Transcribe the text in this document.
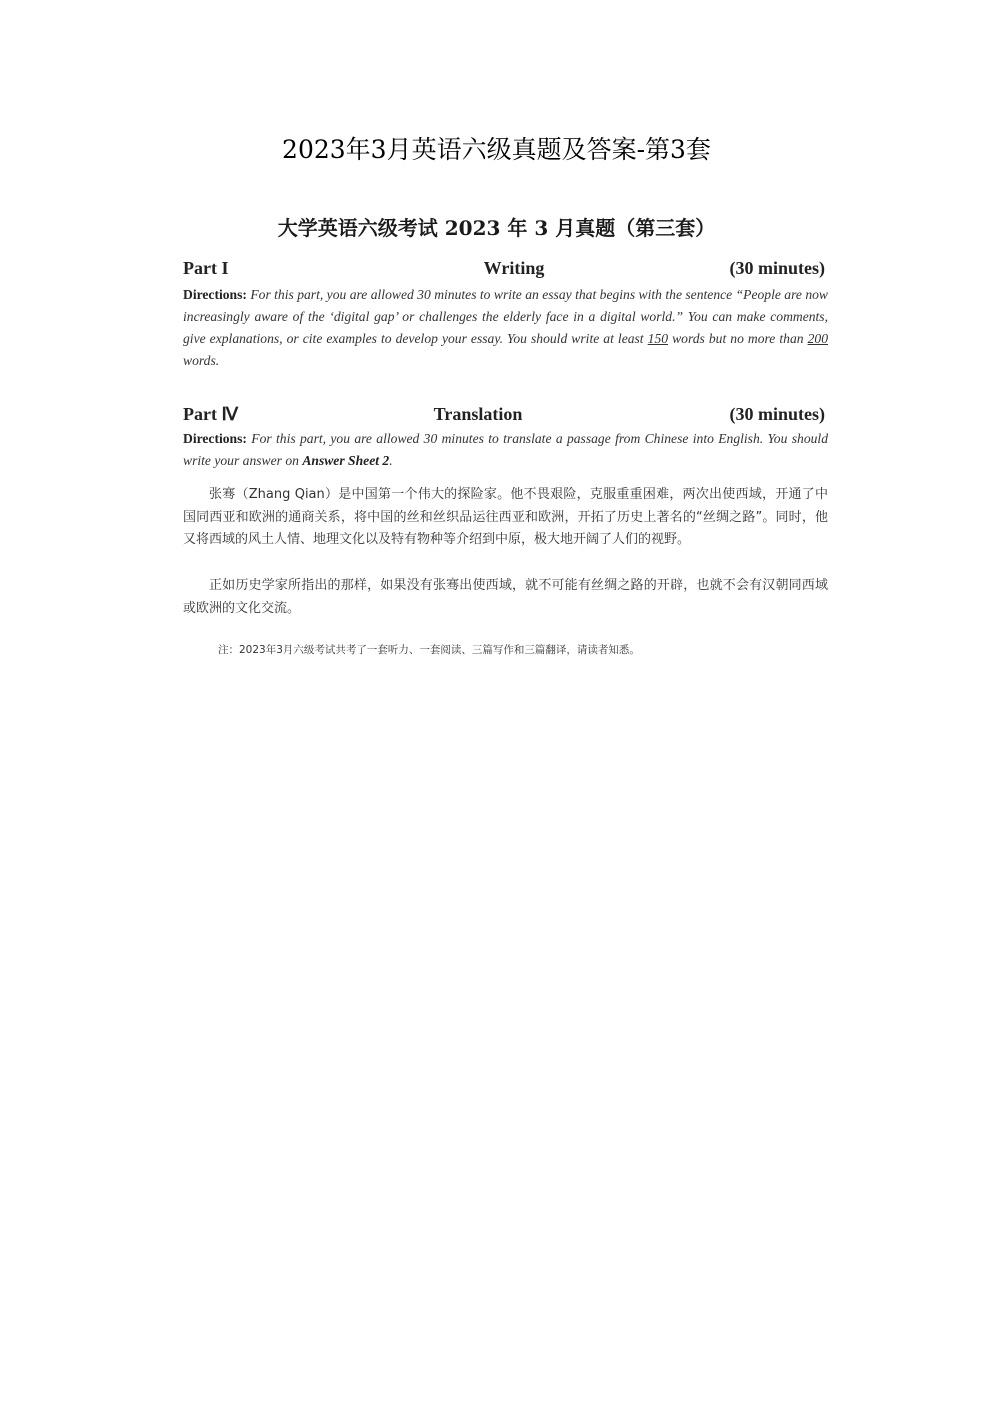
2023年3月英语六级真题及答案-第3套
大学英语六级考试 2023 年 3 月真题（第三套）
Part I	Writing	(30 minutes)

Directions: For this part, you are allowed 30 minutes to write an essay that begins with the sentence “People are now increasingly aware of the ‘digital gap’ or challenges the elderly face in a digital world.” You can make comments, give explanations, or cite examples to develop your essay. You should write at least 150 words but no more than 200 words.

Part Ⅳ	Translation	(30 minutes)

Directions: For this part, you are allowed 30 minutes to translate a passage from Chinese into English. You should write your answer on Answer Sheet 2.

张骞（Zhang Qian）是中国第一个伟大的探险家。他不畏艰险，克服重重困难，两次出使西域，开通了中国同西亚和欧洲的通商关系，将中国的丝和丝织品运往西亚和欧洲，开拓了历史上著名的“丝绸之路”。同时，他又将西域的风土人情、地理文化以及特有物种等介绍到中原，极大地开阔了人们的视野。

正如历史学家所指出的那样，如果没有张骞出使西域，就不可能有丝绸之路的开辟，也就不会有汉朝同西域或欧洲的文化交流。

注：2023年3月六级考试共考了一套听力、一套阅读、三篇写作和三篇翻译，请读者知悉。
